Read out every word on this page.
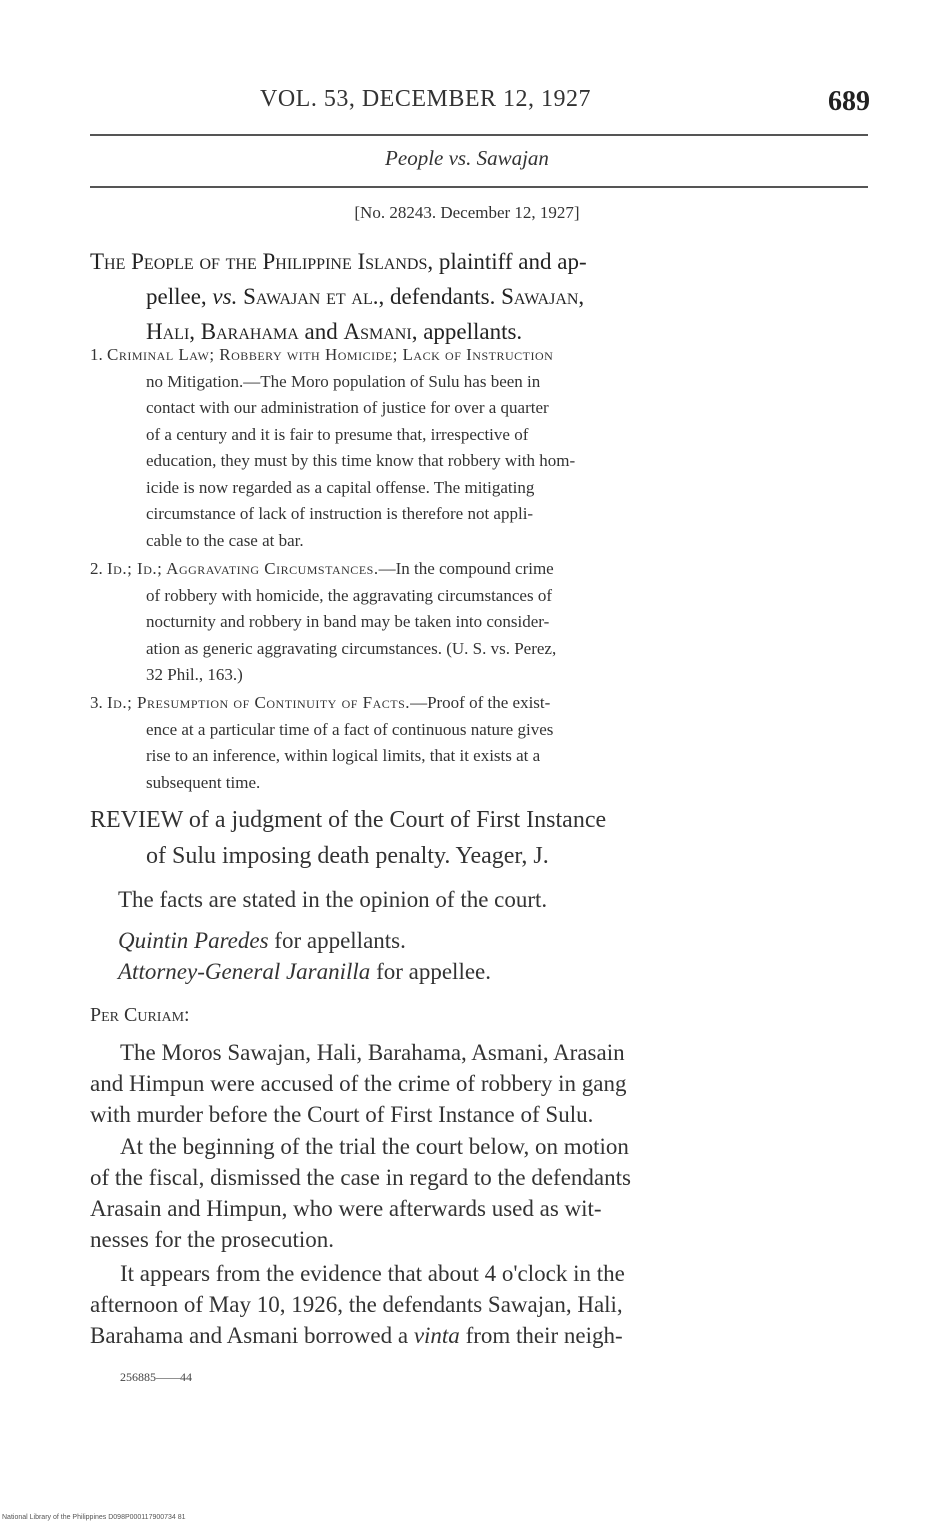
VOL. 53, DECEMBER 12, 1927	689
People vs. Sawajan
[No. 28243. December 12, 1927]

The People of the Philippine Islands, plaintiff and ap-

pellee, vs. Sawajan et al., defendants. Sawajan,

Hali, Barahama and Asmani, appellants.

1. Criminal Law; Robbery with Homicide; Lack of Instruction
no Mitigation.—The Moro population of Sulu has been in
contact with our administration of justice for over a quarter
of a century and it is fair to presume that, irrespective of
education, they must by this time know that robbery with hom-
icide is now regarded as a capital offense. The mitigating
circumstance of lack of instruction is therefore not appli-
cable to the case at bar.
2. Id.; Id.; Aggravating Circumstances.—In the compound crime
of robbery with homicide, the aggravating circumstances of
nocturnity and robbery in band may be taken into consider-
ation as generic aggravating circumstances. (U. S. vs. Perez,
32 Phil., 163.)
3. Id.; Presumption of Continuity of Facts.—Proof of the exist-
ence at a particular time of a fact of continuous nature gives
rise to an inference, within logical limits, that it exists at a
subsequent time.
REVIEW of a judgment of the Court of First Instance
of Sulu imposing death penalty. Yeager, J.
The facts are stated in the opinion of the court.
Quintin Paredes for appellants.
Attorney-General Jaranilla for appellee.
Per Curiam:

The Moros Sawajan, Hali, Barahama, Asmani, Arasain

and Himpun were accused of the crime of robbery in gang

with murder before the Court of First Instance of Sulu.

At the beginning of the trial the court below, on motion

of the fiscal, dismissed the case in regard to the defendants

Arasain and Himpun, who were afterwards used as wit-

nesses for the prosecution.

It appears from the evidence that about 4 o'clock in the

afternoon of May 10, 1926, the defendants Sawajan, Hali,

Barahama and Asmani borrowed a vinta from their neigh-

256885——44
National Library of the Philippines D098P000117900734 81
